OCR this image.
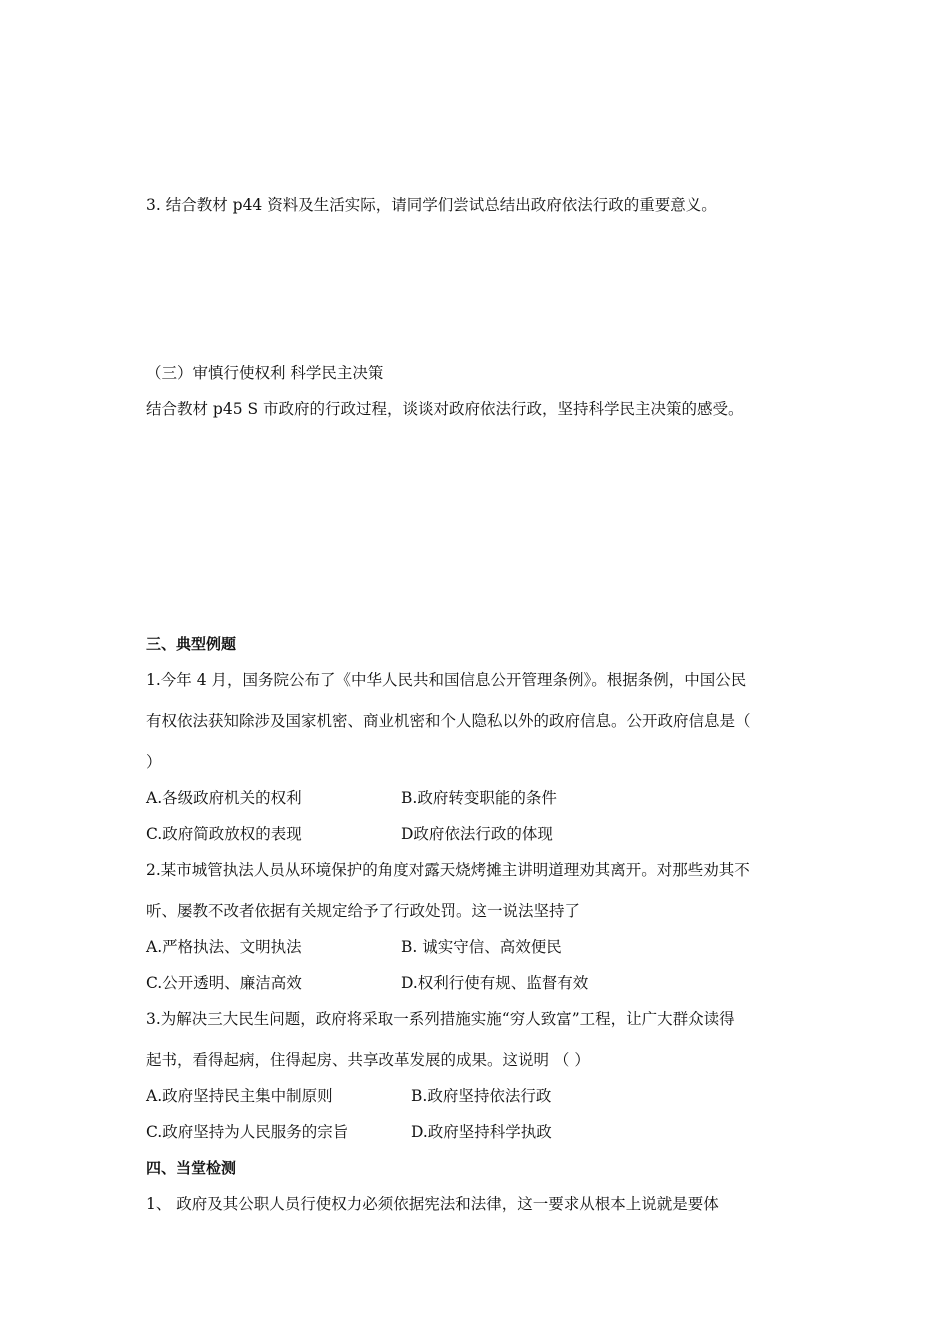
3. 结合教材 p44 资料及生活实际，请同学们尝试总结出政府依法行政的重要意义。
（三）审慎行使权利 科学民主决策
结合教材 p45 S 市政府的行政过程，谈谈对政府依法行政，坚持科学民主决策的感受。
三、典型例题
1.今年 4 月，国务院公布了《中华人民共和国信息公开管理条例》。根据条例，中国公民
有权依法获知除涉及国家机密、商业机密和个人隐私以外的政府信息。公开政府信息是（
）
A.各级政府机关的权利	B.政府转变职能的条件
C.政府简政放权的表现	D政府依法行政的体现
2.某市城管执法人员从环境保护的角度对露天烧烤摊主讲明道理劝其离开。对那些劝其不
听、屡教不改者依据有关规定给予了行政处罚。这一说法坚持了
A.严格执法、文明执法	B. 诚实守信、高效便民
C.公开透明、廉洁高效	D.权利行使有规、监督有效
3.为解决三大民生问题，政府将采取一系列措施实施“穷人致富”工程，让广大群众读得
起书，看得起病，住得起房、共享改革发展的成果。这说明 （ ）
A.政府坚持民主集中制原则	B.政府坚持依法行政
C.政府坚持为人民服务的宗旨	D.政府坚持科学执政
四、当堂检测
1、 政府及其公职人员行使权力必须依据宪法和法律，这一要求从根本上说就是要体
